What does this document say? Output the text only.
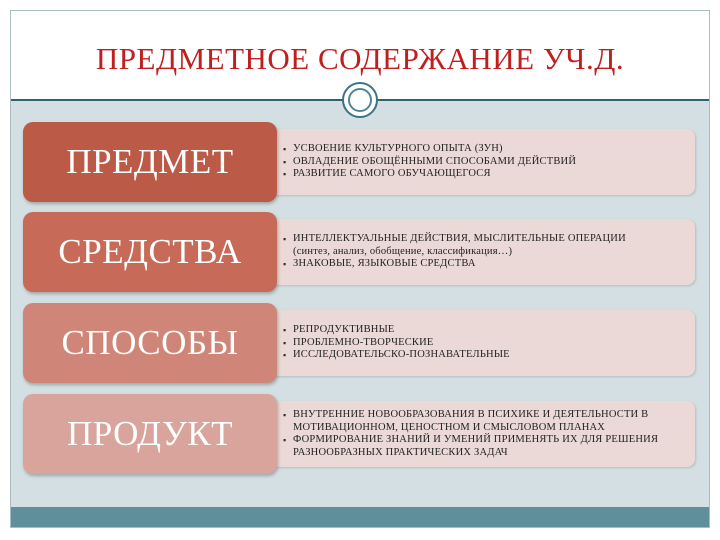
ПРЕДМЕТНОЕ СОДЕРЖАНИЕ УЧ.Д.
ПРЕДМЕТ	▪ УСВОЕНИЕ КУЛЬТУРНОГО ОПЫТА (ЗУН)
▪ ОВЛАДЕНИЕ ОБОЩЁННЫМИ СПОСОБАМИ ДЕЙСТВИЙ
▪ РАЗВИТИЕ САМОГО ОБУЧАЮЩЕГОСЯ
СРЕДСТВА	▪ ИНТЕЛЛЕКТУАЛЬНЫЕ ДЕЙСТВИЯ, МЫСЛИТЕЛЬНЫЕ ОПЕРАЦИИ
(синтез, анализ, обобщение, классификация…)
▪ ЗНАКОВЫЕ, ЯЗЫКОВЫЕ СРЕДСТВА
СПОСОБЫ	▪ РЕПРОДУКТИВНЫЕ
▪ ПРОБЛЕМНО-ТВОРЧЕСКИЕ
▪ ИССЛЕДОВАТЕЛЬСКО-ПОЗНАВАТЕЛЬНЫЕ
ПРОДУКТ	▪ ВНУТРЕННИЕ НОВООБРАЗОВАНИЯ В ПСИХИКЕ И ДЕЯТЕЛЬНОСТИ В МОТИВАЦИОННОМ, ЦЕНОСТНОМ И СМЫСЛОВОМ ПЛАНАХ
▪ ФОРМИРОВАНИЕ ЗНАНИЙ И УМЕНИЙ ПРИМЕНЯТЬ ИХ ДЛЯ РЕШЕНИЯ РАЗНООБРАЗНЫХ ПРАКТИЧЕСКИХ ЗАДАЧ
